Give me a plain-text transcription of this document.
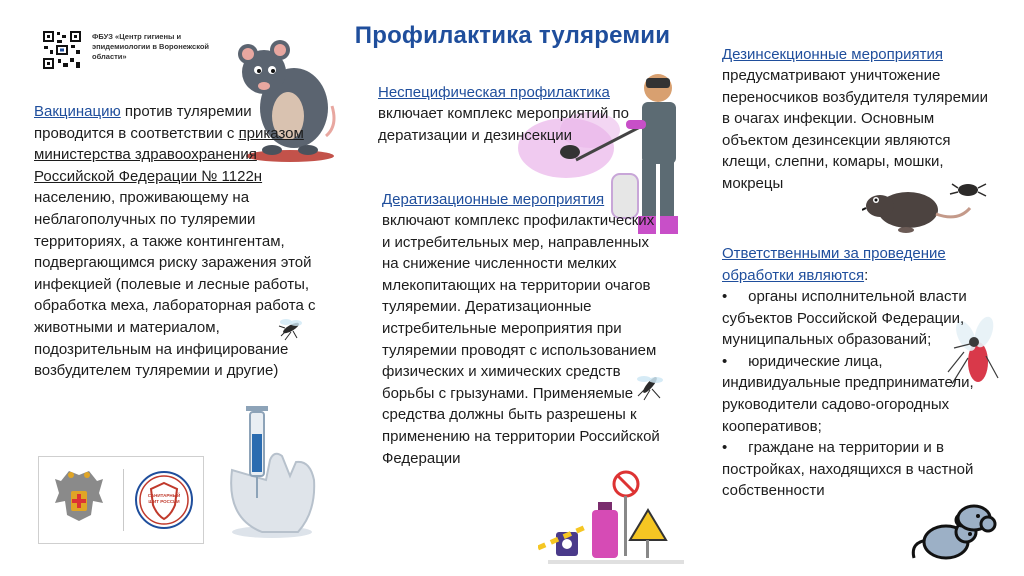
ФБУЗ «Центр гигиены и эпидемиологии в Воронежской области»
Профилактика туляремии
Вакцинацию против туляремии проводится в соответствии с приказом министерства здравоохранения Российской Федерации № 1122н населению, проживающему на неблагополучных по туляремии территориях, а также контингентам, подвергающимся риску заражения этой инфекцией (полевые и лесные работы, обработка меха, лабораторная работа с животными и материалом, подозрительным на инфицирование возбудителем туляремии и другие)
Неспецифическая профилактика
включает комплекс мероприятий по дератизации и дезинсекции
Дератизационные мероприятия
включают комплекс профилактических и истребительных мер, направленных на снижение численности мелких млекопитающих на территории очагов туляремии. Дератизационные истребительные мероприятия при туляремии проводят с использованием физических и химических средств борьбы с грызунами. Применяемые средства должны быть разрешены к применению на территории Российской Федерации
Дезинсекционные мероприятия
предусматривают уничтожение переносчиков возбудителя туляремии в очагах инфекции. Основным объектом дезинсекции являются клещи, слепни, комары, мошки, мокрецы
Ответственными за проведение обработки являются:
• органы исполнительной власти субъектов Российской Федерации, муниципальных образований;
• юридические лица, индивидуальные предприниматели, руководители садово-огородных кооперативов;
• граждане на территории и в постройках, находящихся в частной собственности
САНИТАРНЫЙ ЩИТ РОССИИ
